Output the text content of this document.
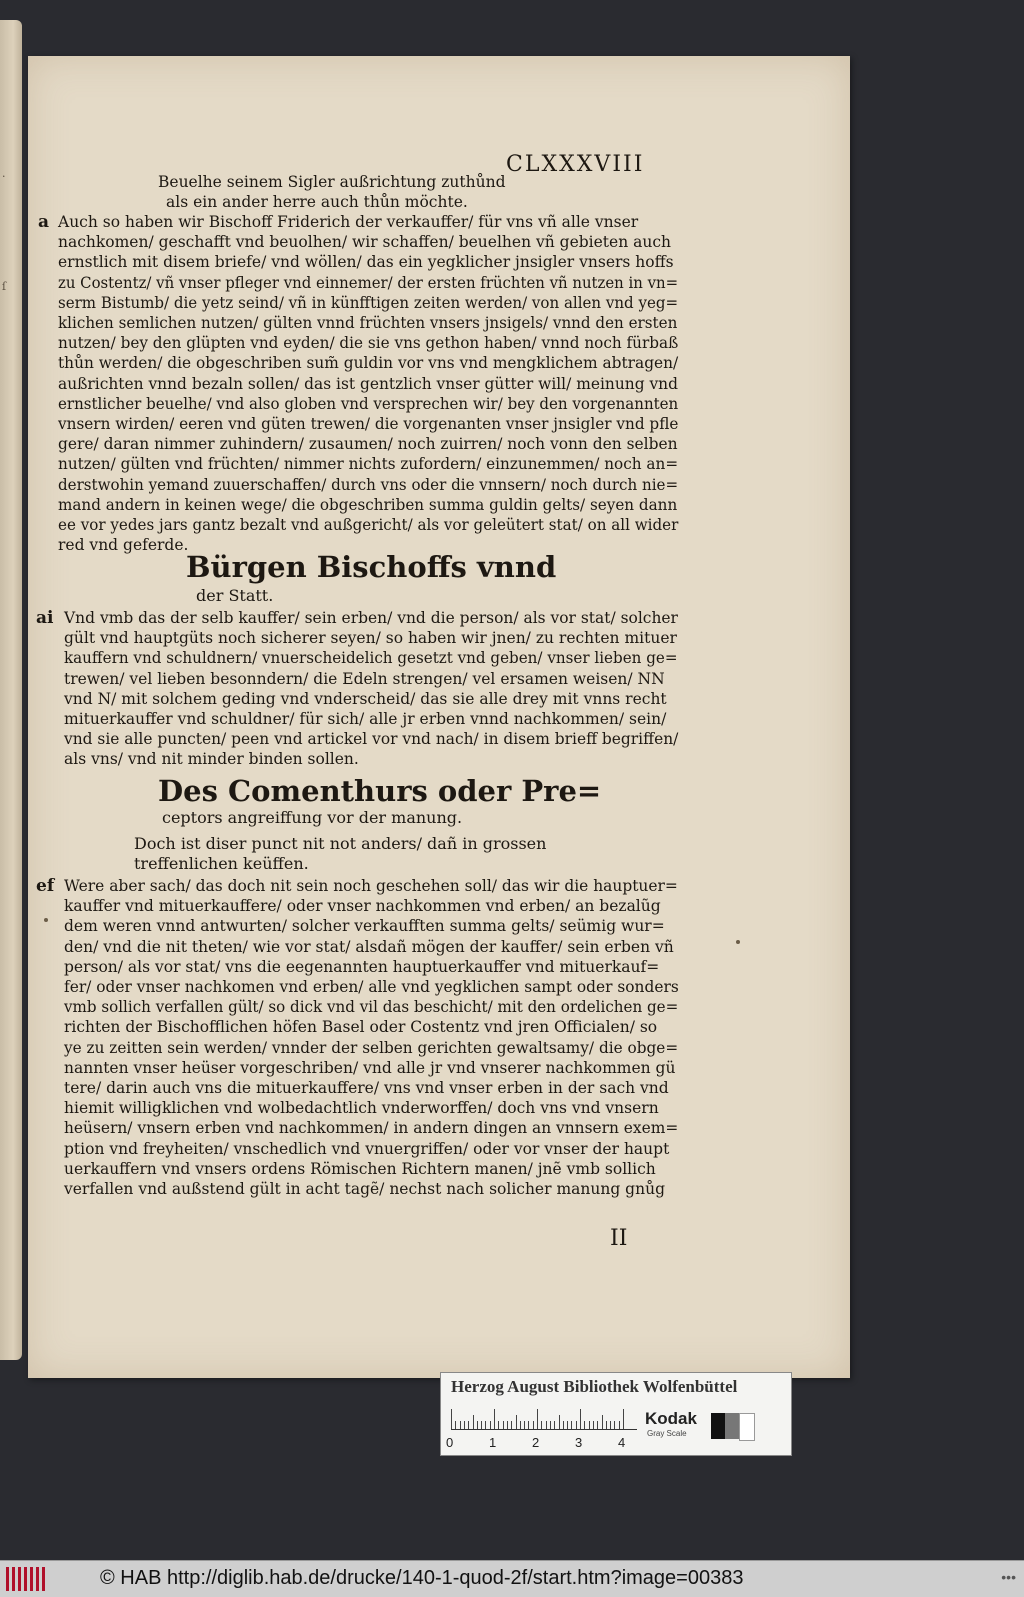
·
ſ
CLXXXVIII
Beuelhe seinem Sigler außrichtung zuthůnd
als ein ander herre auch thůn möchte.
a Auch so haben wir Bischoff Friderich der verkauffer/ für vns vñ alle vnser
nachkomen/ geschafft vnd beuolhen/ wir schaffen/ beuelhen vñ gebieten auch
ernstlich mit disem briefe/ vnd wöllen/ das ein yegklicher jnsigler vnsers hoffs
zu Costentz/ vñ vnser pfleger vnd einnemer/ der ersten früchten vñ nutzen in vn=
serm Bistumb/ die yetz seind/ vñ in künfftigen zeiten werden/ von allen vnd yeg=
klichen semlichen nutzen/ gülten vnnd früchten vnsers jnsigels/ vnnd den ersten
nutzen/ bey den glüpten vnd eyden/ die sie vns gethon haben/ vnnd noch fürbaß
thůn werden/ die obgeschriben sum̃ guldin vor vns vnd mengklichem abtragen/
außrichten vnnd bezaln sollen/ das ist gentzlich vnser gütter will/ meinung vnd
ernstlicher beuelhe/ vnd also globen vnd versprechen wir/ bey den vorgenannten
vnsern wirden/ eeren vnd güten trewen/ die vorgenanten vnser jnsigler vnd pfle
gere/ daran nimmer zuhindern/ zusaumen/ noch zuirren/ noch vonn den selben
nutzen/ gülten vnd früchten/ nimmer nichts zufordern/ einzunemmen/ noch an=
derstwohin yemand zuuerschaffen/ durch vns oder die vnnsern/ noch durch nie=
mand andern in keinen wege/ die obgeschriben summa guldin gelts/ seyen dann
ee vor yedes jars gantz bezalt vnd außgericht/ als vor geleütert stat/ on all wider
red vnd geferde.
Bürgen Bischoffs vnnd
der Statt.
ai Vnd vmb das der selb kauffer/ sein erben/ vnd die person/ als vor stat/ solcher
gült vnd hauptgüts noch sicherer seyen/ so haben wir jnen/ zu rechten mituer
kauffern vnd schuldnern/ vnuerscheidelich gesetzt vnd geben/ vnser lieben ge=
trewen/ vel lieben besonndern/ die Edeln strengen/ vel ersamen weisen/ NN
vnd N/ mit solchem geding vnd vnderscheid/ das sie alle drey mit vnns recht
mituerkauffer vnd schuldner/ für sich/ alle jr erben vnnd nachkommen/ sein/
vnd sie alle puncten/ peen vnd artickel vor vnd nach/ in disem brieff begriffen/
als vns/ vnd nit minder binden sollen.
Des Comenthurs oder Pre=
ceptors angreiffung vor der manung.
Doch ist diser punct nit not anders/ dañ in grossen
treffenlichen keüffen.
ef Were aber sach/ das doch nit sein noch geschehen soll/ das wir die hauptuer=
kauffer vnd mituerkauffere/ oder vnser nachkommen vnd erben/ an bezalũg
dem weren vnnd antwurten/ solcher verkaufften summa gelts/ seümig wur=
den/ vnd die nit theten/ wie vor stat/ alsdañ mögen der kauffer/ sein erben vñ
person/ als vor stat/ vns die eegenannten hauptuerkauffer vnd mituerkauf=
fer/ oder vnser nachkomen vnd erben/ alle vnd yegklichen sampt oder sonders
vmb sollich verfallen gült/ so dick vnd vil das beschicht/ mit den ordelichen ge=
richten der Bischofflichen höfen Basel oder Costentz vnd jren Officialen/ so
ye zu zeitten sein werden/ vnnder der selben gerichten gewaltsamy/ die obge=
nannten vnser heüser vorgeschriben/ vnd alle jr vnd vnserer nachkommen gü
tere/ darin auch vns die mituerkauffere/ vns vnd vnser erben in der sach vnd
hiemit willigklichen vnd wolbedachtlich vnderworffen/ doch vns vnd vnsern
heüsern/ vnsern erben vnd nachkommen/ in andern dingen an vnnsern exem=
ption vnd freyheiten/ vnschedlich vnd vnuergriffen/ oder vor vnser der haupt
uerkauffern vnd vnsers ordens Römischen Richtern manen/ jnẽ vmb sollich
verfallen vnd außstend gült in acht tagẽ/ nechst nach solicher manung gnůg
II
Herzog August Bibliothek Wolfenbüttel
0	1	2	3	4
Kodak
Gray Scale
© HAB http://diglib.hab.de/drucke/140-1-quod-2f/start.htm?image=00383	•••
